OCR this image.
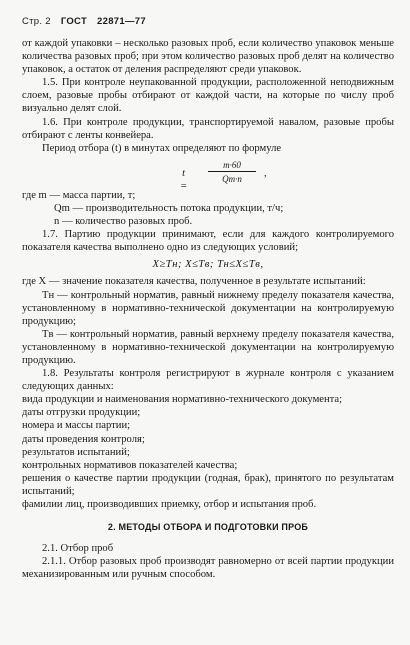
Стр. 2 ГОСТ 22871—77

от каждой упаковки – несколько разовых проб, если количество упаковок меньше количества разовых проб; при этом количество разовых проб делят на количество упаковок, а остаток от деления распределяют среди упаковок.

1.5. При контроле неупакованной продукции, расположенной неподвижным слоем, разовые пробы отбирают от каждой части, на которые по числу проб визуально делят слой.

1.6. При контроле продукции, транспортируемой навалом, разовые пробы отбирают с ленты конвейера.

Период отбора (t) в минутах определяют по формуле

t =
m·60
Qm·n	,

где m — масса партии, т;

Qm — производительность потока продукции, т/ч;

n — количество разовых проб.

1.7. Партию продукции принимают, если для каждого контролируемого показателя качества выполнено одно из следующих условий;

X≥Tн; X≤Tв; Tн≤X≤Tв,

где X — значение показателя качества, полученное в результате испытаний:

Tн — контрольный норматив, равный нижнему пределу показателя качества, установленному в нормативно-технической документации на контролируемую продукцию;

Tв — контрольный норматив, равный верхнему пределу показателя качества, установленному в нормативно-технической документации на контролируемую продукцию.

1.8. Результаты контроля регистрируют в журнале контроля с указанием следующих данных:

вида продукции и наименования нормативно-технического документа;

даты отгрузки продукции;

номера и массы партии;

даты проведения контроля;

результатов испытаний;

контрольных нормативов показателей качества;

решения о качестве партии продукции (годная, брак), принятого по результатам испытаний;

фамилии лиц, производивших приемку, отбор и испытания проб.

2. МЕТОДЫ ОТБОРА И ПОДГОТОВКИ ПРОБ

2.1. Отбор проб

2.1.1. Отбор разовых проб производят равномерно от всей партии продукции механизированным или ручным способом.
